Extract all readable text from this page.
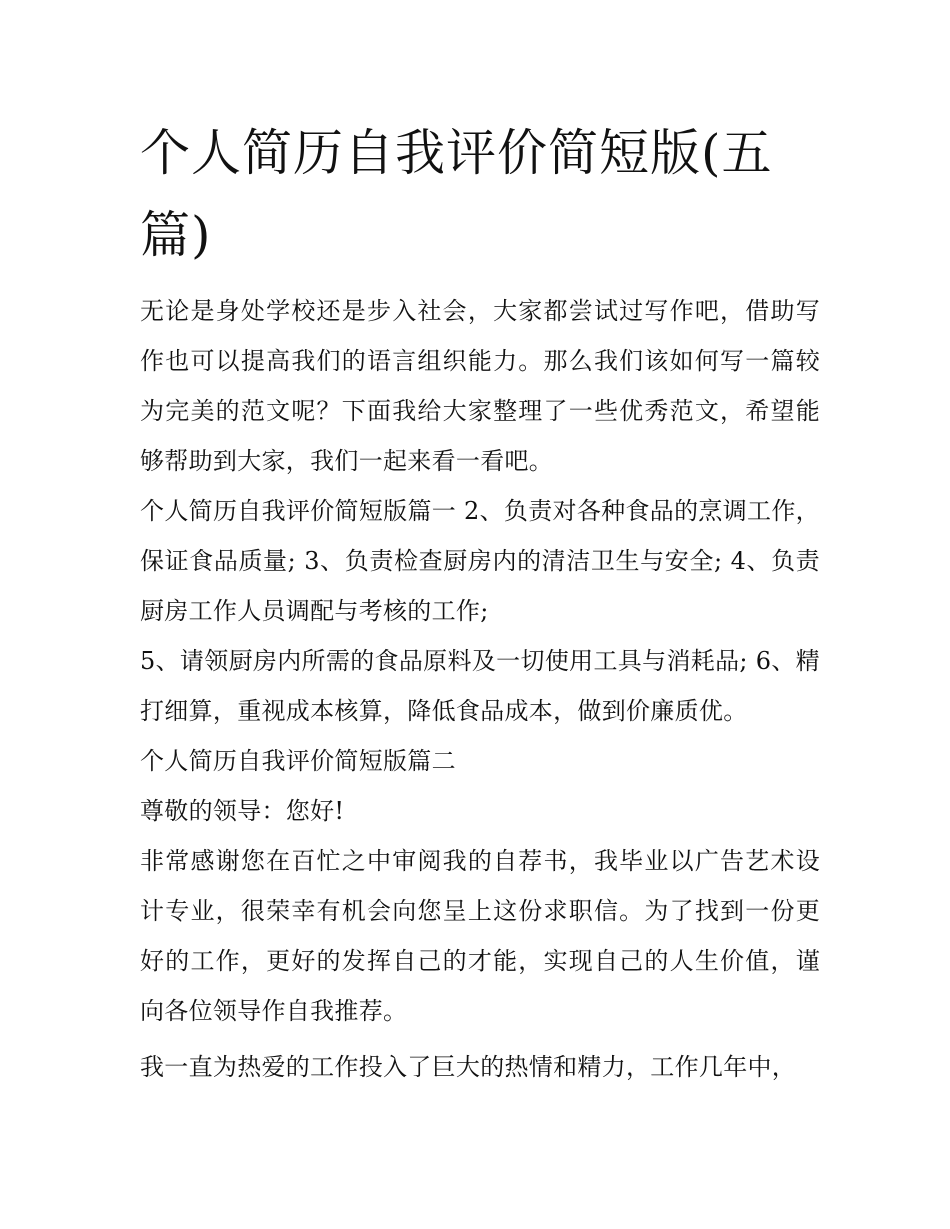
个人简历自我评价简短版(五篇)

无论是身处学校还是步入社会，大家都尝试过写作吧，借助写作也可以提高我们的语言组织能力。那么我们该如何写一篇较为完美的范文呢？下面我给大家整理了一些优秀范文，希望能够帮助到大家，我们一起来看一看吧。

个人简历自我评价简短版篇一 2、负责对各种食品的烹调工作，保证食品质量; 3、负责检查厨房内的清洁卫生与安全; 4、负责厨房工作人员调配与考核的工作;

5、请领厨房内所需的食品原料及一切使用工具与消耗品; 6、精打细算，重视成本核算，降低食品成本，做到价廉质优。

个人简历自我评价简短版篇二

尊敬的领导：您好!

非常感谢您在百忙之中审阅我的自荐书，我毕业以广告艺术设计专业，很荣幸有机会向您呈上这份求职信。为了找到一份更好的工作，更好的发挥自己的才能，实现自己的人生价值，谨向各位领导作自我推荐。

我一直为热爱的工作投入了巨大的热情和精力，工作几年中，
